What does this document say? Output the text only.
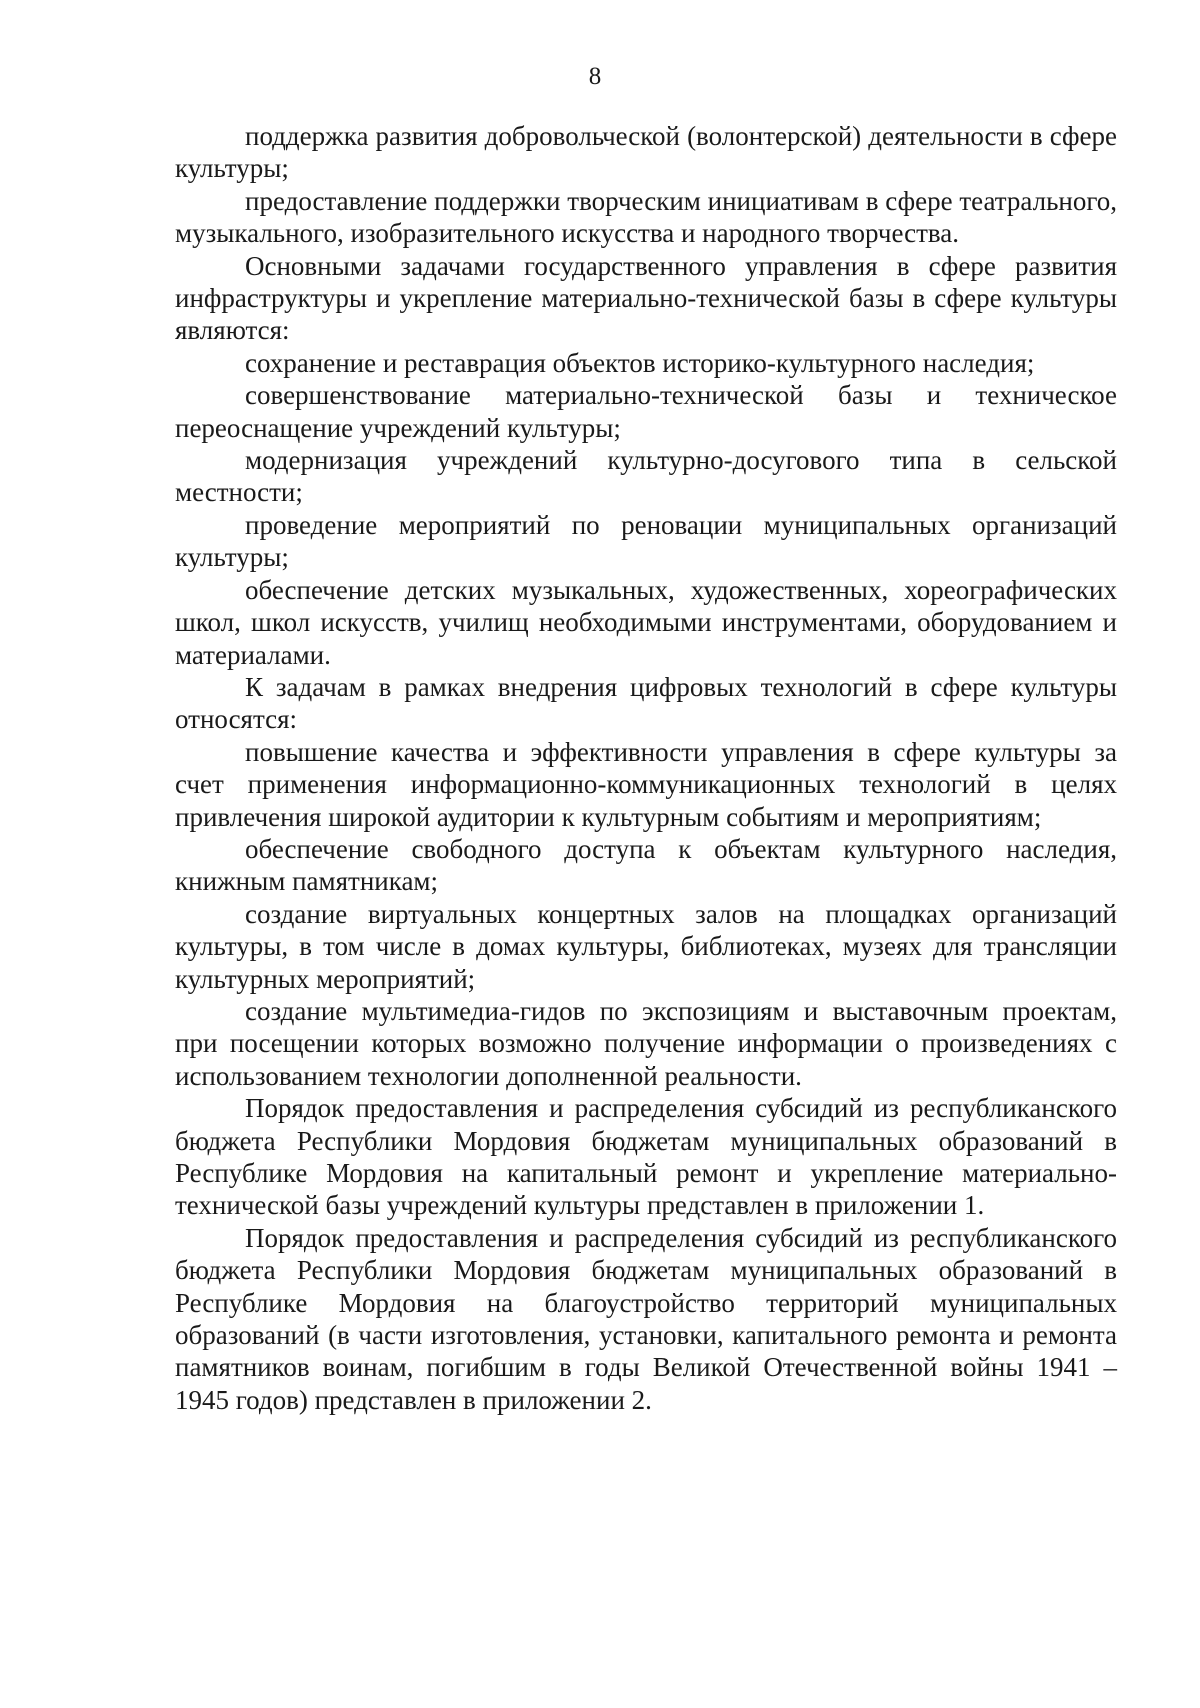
8

поддержка развития добровольческой (волонтерской) деятельности в сфере культуры;

предоставление поддержки творческим инициативам в сфере театрального, музыкального, изобразительного искусства и народного творчества.

Основными задачами государственного управления в сфере развития инфраструктуры и укрепление материально-технической базы в сфере культуры являются:

сохранение и реставрация объектов историко-культурного наследия;

совершенствование материально-технической базы и техническое переоснащение учреждений культуры;

модернизация учреждений культурно-досугового типа в сельской местности;

проведение мероприятий по реновации муниципальных организаций культуры;

обеспечение детских музыкальных, художественных, хореографических школ, школ искусств, училищ необходимыми инструментами, оборудованием и материалами.

К задачам в рамках внедрения цифровых технологий в сфере культуры относятся:

повышение качества и эффективности управления в сфере культуры за счет применения информационно-коммуникационных технологий в целях привлечения широкой аудитории к культурным событиям и мероприятиям;

обеспечение свободного доступа к объектам культурного наследия, книжным памятникам;

создание виртуальных концертных залов на площадках организаций культуры, в том числе в домах культуры, библиотеках, музеях для трансляции культурных мероприятий;

создание мультимедиа-гидов по экспозициям и выставочным проектам, при посещении которых возможно получение информации о произведениях с использованием технологии дополненной реальности.

Порядок предоставления и распределения субсидий из республиканского бюджета Республики Мордовия бюджетам муниципальных образований в Республике Мордовия на капитальный ремонт и укрепление материально-технической базы учреждений культуры представлен в приложении 1.

Порядок предоставления и распределения субсидий из республиканского бюджета Республики Мордовия бюджетам муниципальных образований в Республике Мордовия на благоустройство территорий муниципальных образований (в части изготовления, установки, капитального ремонта и ремонта памятников воинам, погибшим в годы Великой Отечественной войны 1941 – 1945 годов) представлен в приложении 2.
